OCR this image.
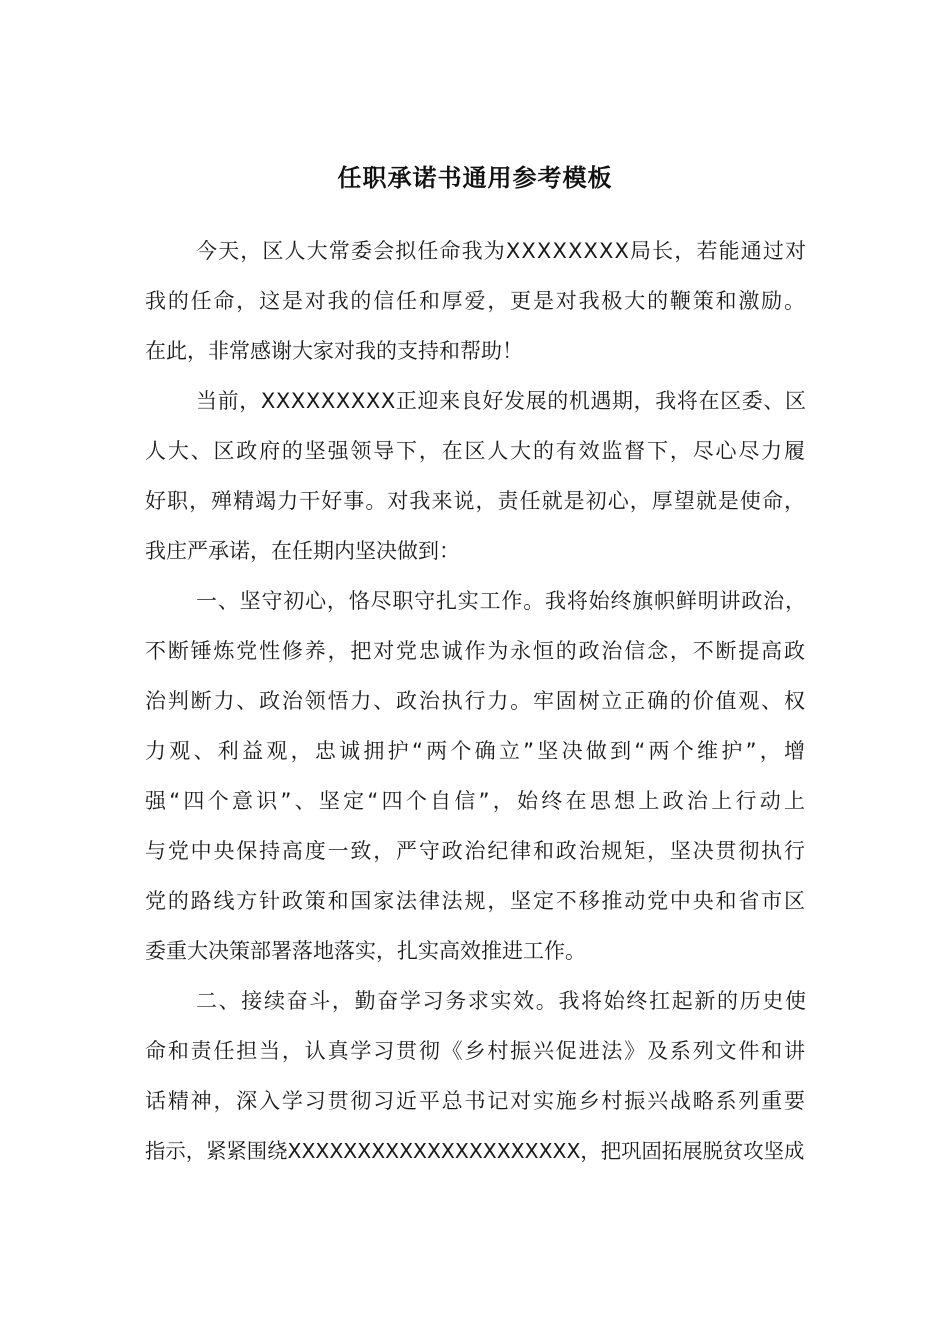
任职承诺书通用参考模板
今天，区人大常委会拟任命我为XXXXXXXX局长，若能通过对
我的任命，这是对我的信任和厚爱，更是对我极大的鞭策和激励。
在此，非常感谢大家对我的支持和帮助！
当前，XXXXXXXXX正迎来良好发展的机遇期，我将在区委、区
人大、区政府的坚强领导下，在区人大的有效监督下，尽心尽力履
好职，殚精竭力干好事。对我来说，责任就是初心，厚望就是使命，
我庄严承诺，在任期内坚决做到：
一、坚守初心，恪尽职守扎实工作。我将始终旗帜鲜明讲政治，
不断锤炼党性修养，把对党忠诚作为永恒的政治信念，不断提高政
治判断力、政治领悟力、政治执行力。牢固树立正确的价值观、权
力观、利益观，忠诚拥护“两个确立”坚决做到“两个维护”，增
强“四个意识”、坚定“四个自信”，始终在思想上政治上行动上
与党中央保持高度一致，严守政治纪律和政治规矩，坚决贯彻执行
党的路线方针政策和国家法律法规，坚定不移推动党中央和省市区
委重大决策部署落地落实，扎实高效推进工作。
二、接续奋斗，勤奋学习务求实效。我将始终扛起新的历史使
命和责任担当，认真学习贯彻《乡村振兴促进法》及系列文件和讲
话精神，深入学习贯彻习近平总书记对实施乡村振兴战略系列重要
指示，紧紧围绕XXXXXXXXXXXXXXXXXXXXX，把巩固拓展脱贫攻坚成
